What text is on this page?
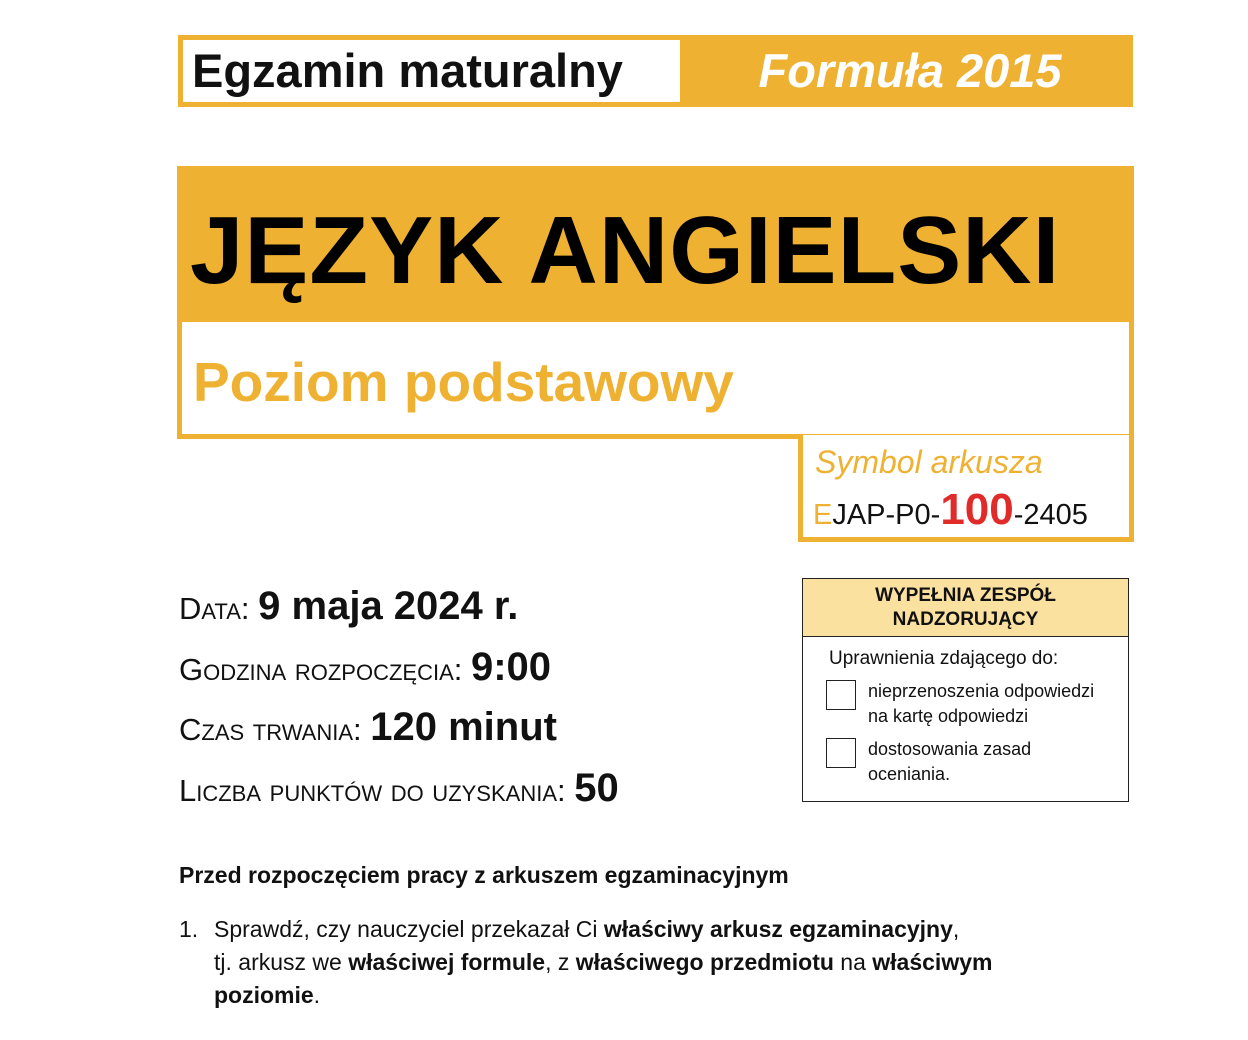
Egzamin maturalny	Formuła 2015
JĘZYK ANGIELSKI
Poziom podstawowy
Symbol arkusza
EJAP-P0-100-2405
Data: 9 maja 2024 r.
Godzina rozpoczęcia: 9:00
Czas trwania: 120 minut
Liczba punktów do uzyskania: 50
WYPEŁNIA ZESPÓŁ
NADZORUJĄCY
Uprawnienia zdającego do:
nieprzenoszenia odpowiedzi
na kartę odpowiedzi
dostosowania zasad
oceniania.
Przed rozpoczęciem pracy z arkuszem egzaminacyjnym
1. Sprawdź, czy nauczyciel przekazał Ci właściwy arkusz egzaminacyjny,
tj. arkusz we właściwej formule, z właściwego przedmiotu na właściwym
poziomie.
